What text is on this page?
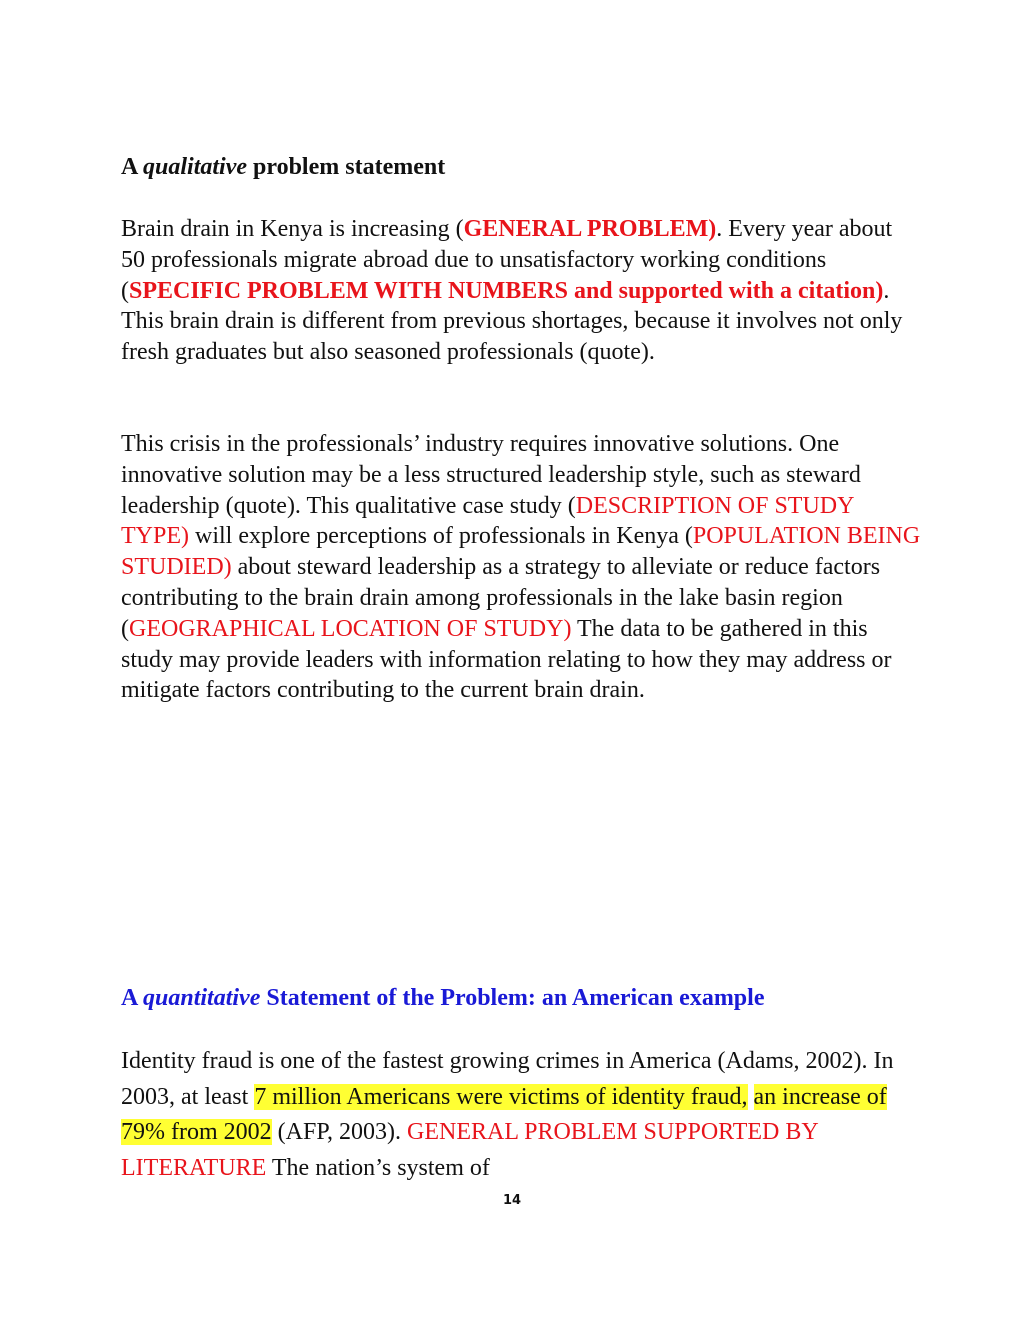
A qualitative problem statement
Brain drain in Kenya is increasing (GENERAL PROBLEM). Every year about 50 professionals migrate abroad due to unsatisfactory working conditions (SPECIFIC PROBLEM WITH NUMBERS and supported with a citation). This brain drain is different from previous shortages, because it involves not only fresh graduates but also seasoned professionals (quote).
This crisis in the professionals’ industry requires innovative solutions. One innovative solution may be a less structured leadership style, such as steward leadership (quote). This qualitative case study (DESCRIPTION OF STUDY TYPE) will explore perceptions of professionals in Kenya (POPULATION BEING STUDIED) about steward leadership as a strategy to alleviate or reduce factors contributing to the brain drain among professionals in the lake basin region (GEOGRAPHICAL LOCATION OF STUDY) The data to be gathered in this study may provide leaders with information relating to how they may address or mitigate factors contributing to the current brain drain.
A quantitative Statement of the Problem: an American example
Identity fraud is one of the fastest growing crimes in America (Adams, 2002). In 2003, at least 7 million Americans were victims of identity fraud, an increase of 79% from 2002 (AFP, 2003). GENERAL PROBLEM SUPPORTED BY LITERATURE The nation’s system of
14
